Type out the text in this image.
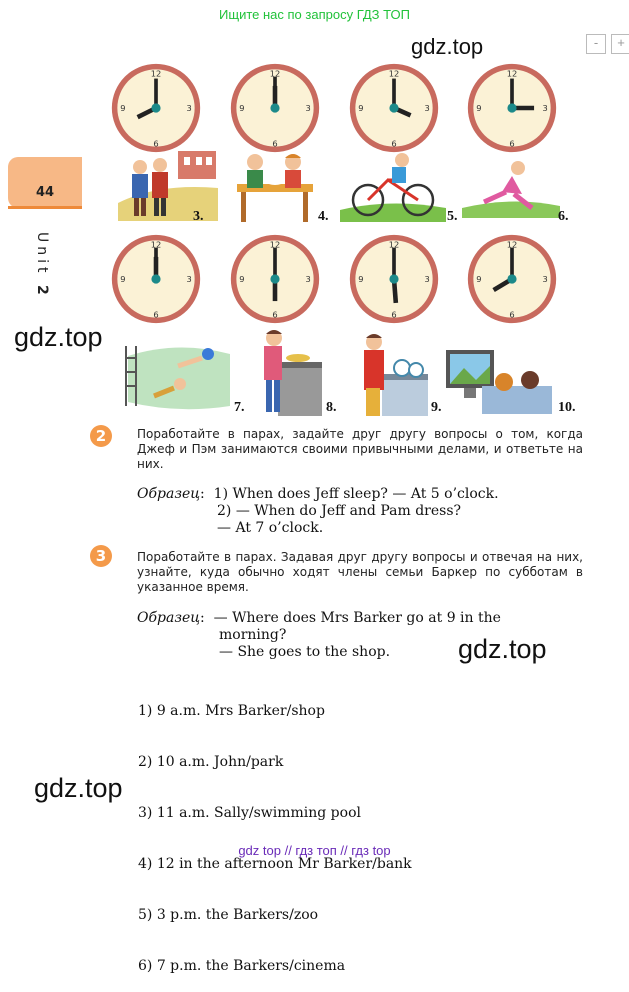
Ищите нас по запросу ГДЗ ТОП
-	+
gdz.top
44
Unit 2
12
3
6
9
12
3
6
9
12
3
6
9
12
3
6
9
3.	4.	5.	6.
12
3
6
9
12
3
6
9
12
3
6
9
12
3
6
9
gdz.top
7.	8.	9.	10.
2	Поработайте в парах, задайте друг другу вопросы о том, когда Джеф и Пэм занимаются своими привычными делами, и ответьте на них.
Образец:  1) When does Jeff sleep? — At 5 o’clock.
2) — When do Jeff and Pam dress?
— At 7 o’clock.
3	Поработайте в парах. Задавая друг другу вопросы и отвечая на них, узнайте, куда обычно ходят члены семьи Баркер по субботам в указанное время.
Образец:  — Where does Mrs Barker go at 9 in the
morning?
— She goes to the shop.	gdz.top

1) 9 a.m. Mrs Barker/shop

2) 10 a.m. John/park

3) 11 a.m. Sally/swimming pool

4) 12 in the afternoon Mr Barker/bank

5) 3 p.m. the Barkers/zoo

6) 7 p.m. the Barkers/cinema

gdz.top
gdz top // гдз топ // гдз top
